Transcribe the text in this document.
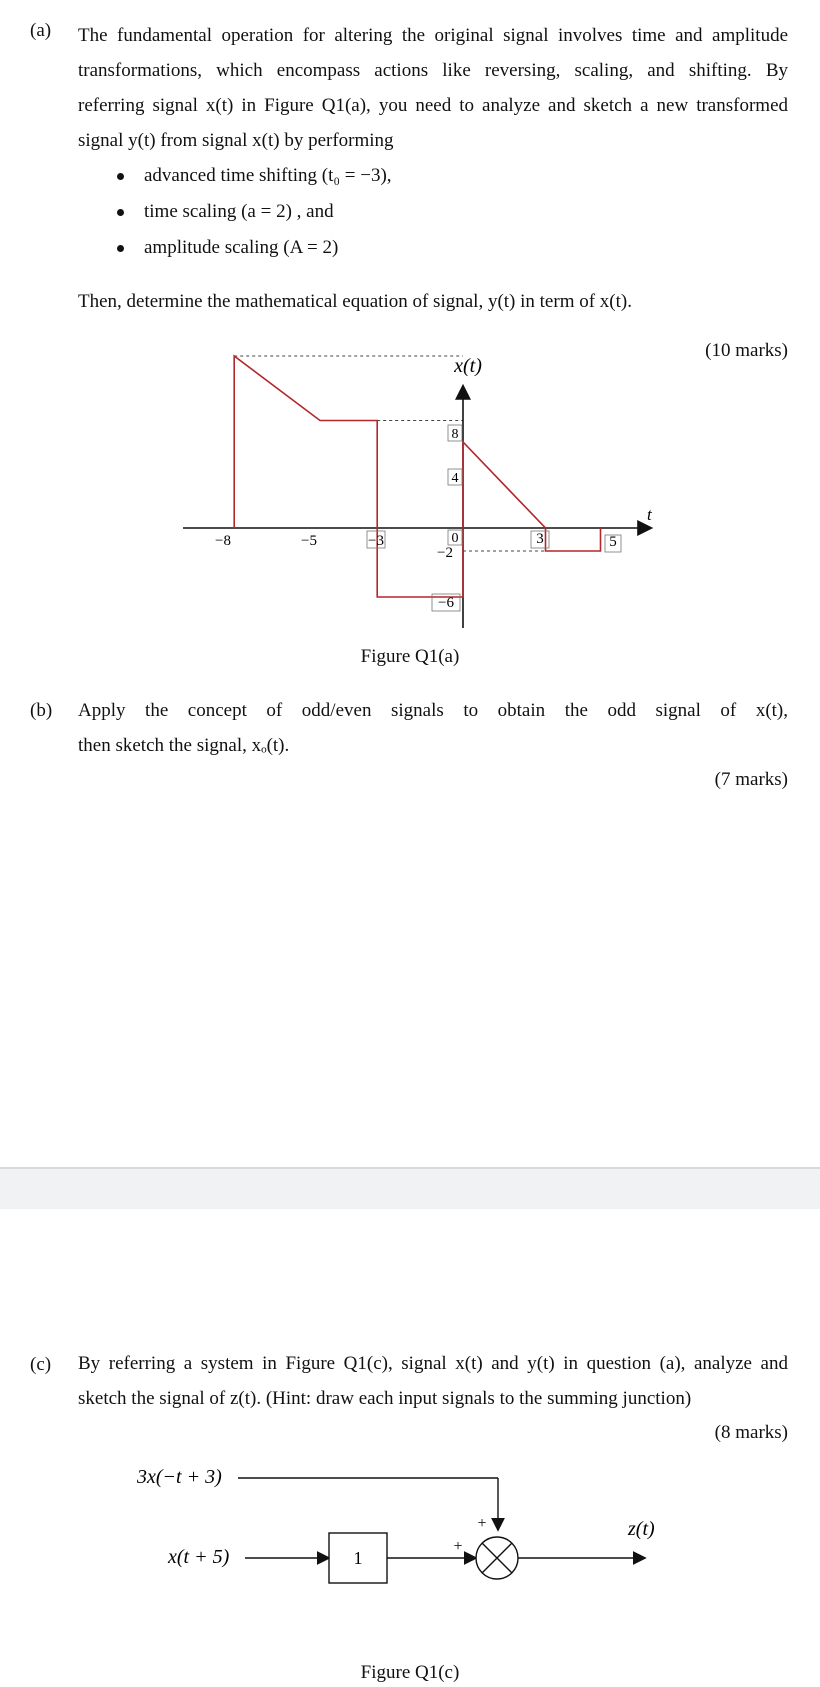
(a) The fundamental operation for altering the original signal involves time and amplitude
transformations, which encompass actions like reversing, scaling, and shifting. By
referring signal x(t) in Figure Q1(a), you need to analyze and sketch a new transformed
signal y(t) from signal x(t) by performing
advanced time shifting (t₀ = −3),
time scaling (a = 2) , and
amplitude scaling (A = 2)
Then, determine the mathematical equation of signal, y(t) in term of x(t).
(10 marks)
x(t)
t
−8	−5	−3	0	3	5
8
4
−2
−6
Figure Q1(a)
(b) Apply the concept of odd/even signals to obtain the odd signal of x(t),
then sketch the signal, xₒ(t).
(7 marks)
(c) By referring a system in Figure Q1(c), signal x(t) and y(t) in question (a), analyze and
sketch the signal of z(t). (Hint: draw each input signals to the summing junction)
(8 marks)
3x(−t + 3)
x(t + 5)	1
+
+
z(t)
Figure Q1(c)
